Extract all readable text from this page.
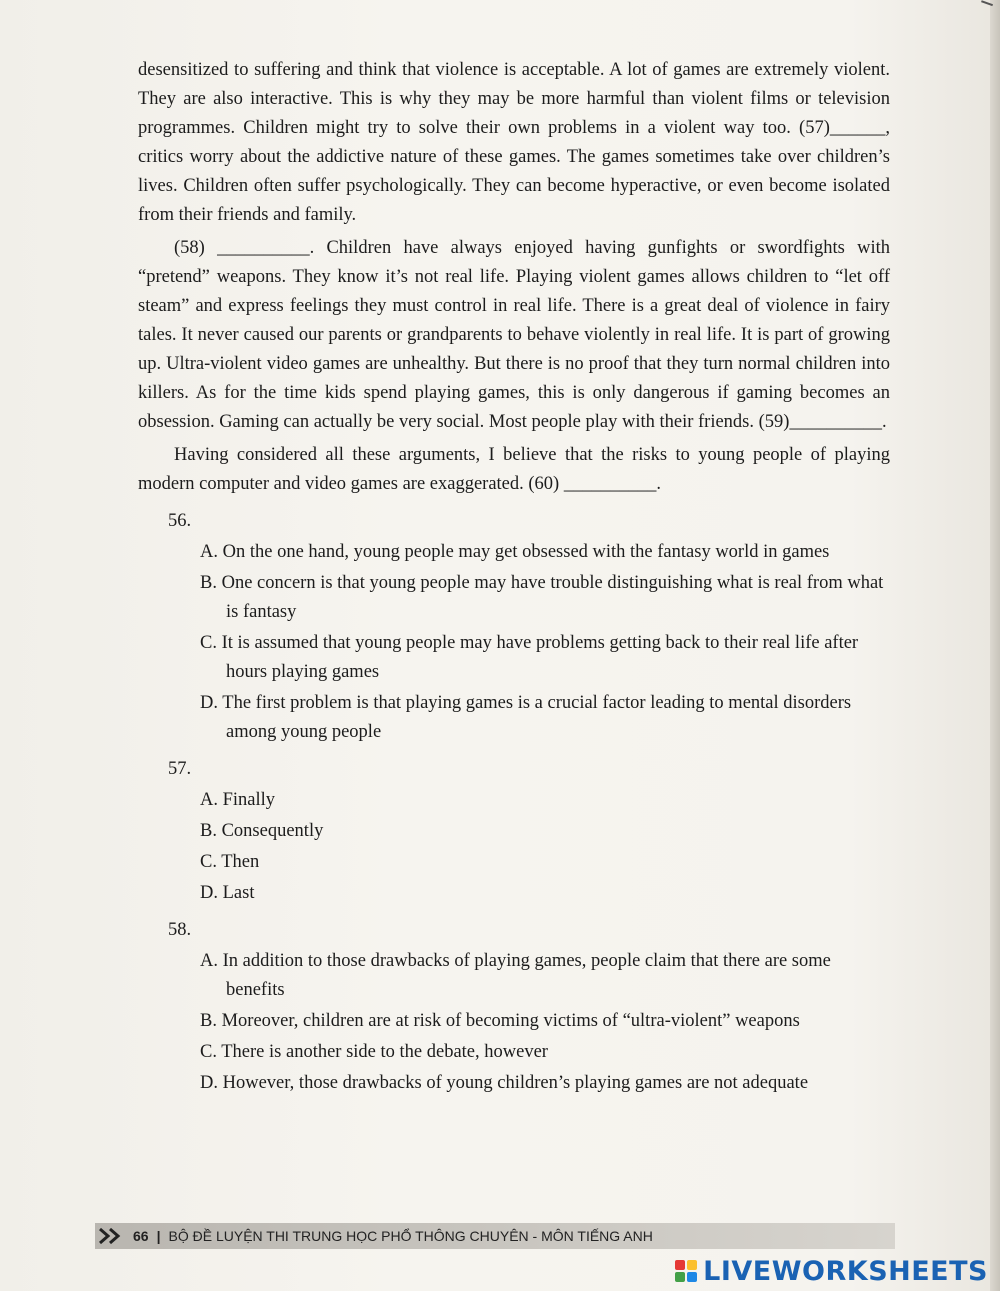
desensitized to suffering and think that violence is acceptable. A lot of games are extremely violent. They are also interactive. This is why they may be more harmful than violent films or television programmes. Children might try to solve their own problems in a violent way too. (57)______, critics worry about the addictive nature of these games. The games sometimes take over children’s lives. Children often suffer psychologically. They can become hyperactive, or even become isolated from their friends and family.

(58) __________. Children have always enjoyed having gunfights or swordfights with “pretend” weapons. They know it’s not real life. Playing violent games allows children to “let off steam” and express feelings they must control in real life. There is a great deal of violence in fairy tales. It never caused our parents or grandparents to behave violently in real life. It is part of growing up. Ultra-violent video games are unhealthy. But there is no proof that they turn normal children into killers. As for the time kids spend playing games, this is only dangerous if gaming becomes an obsession. Gaming can actually be very social. Most people play with their friends. (59)__________.

Having considered all these arguments, I believe that the risks to young people of playing modern computer and video games are exaggerated. (60) __________.

56.
A. On the one hand, young people may get obsessed with the fantasy world in games
B. One concern is that young people may have trouble distinguishing what is real from what is fantasy
C. It is assumed that young people may have problems getting back to their real life after hours playing games
D. The first problem is that playing games is a crucial factor leading to mental disorders among young people
57.
A. Finally
B. Consequently
C. Then
D. Last
58.
A. In addition to those drawbacks of playing games, people claim that there are some benefits
B. Moreover, children are at risk of becoming victims of “ultra-violent” weapons
C. There is another side to the debate, however
D. However, those drawbacks of young children’s playing games are not adequate
66 | BỘ ĐỀ LUYỆN THI TRUNG HỌC PHỔ THÔNG CHUYÊN - MÔN TIẾNG ANH
LIVEWORKSHEETS
